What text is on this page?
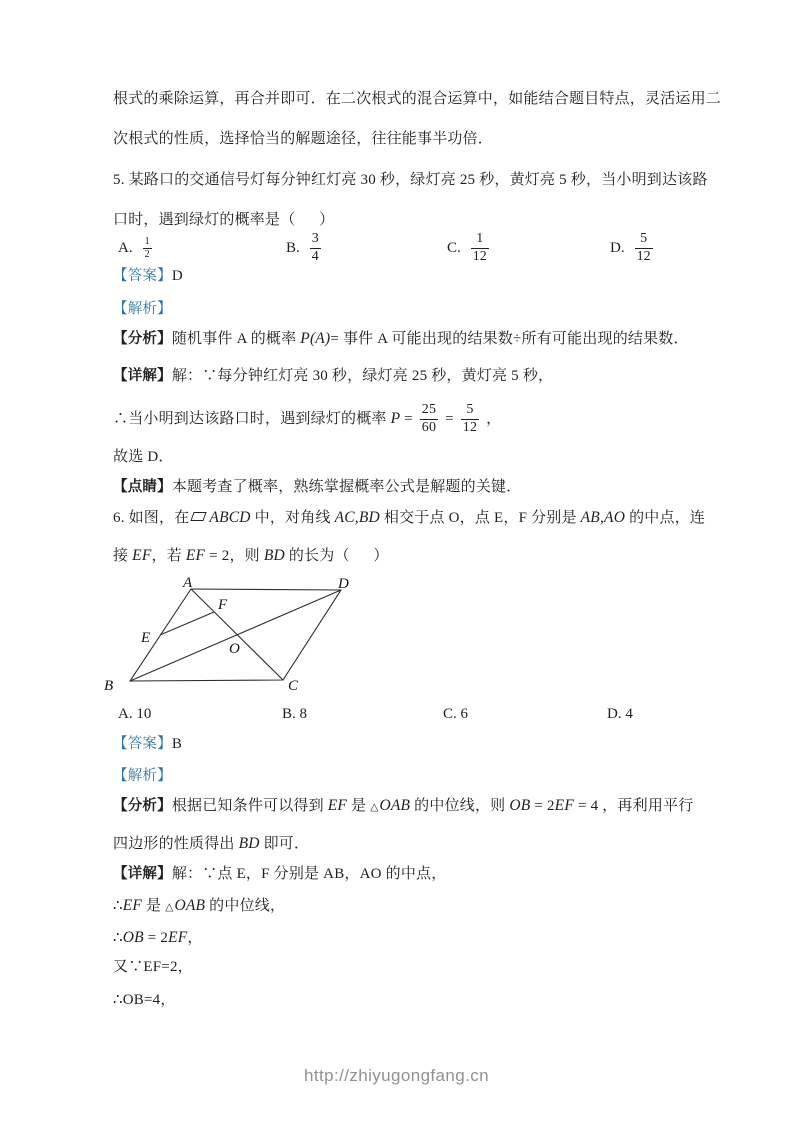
根式的乘除运算，再合并即可．在二次根式的混合运算中，如能结合题目特点，灵活运用二
次根式的性质，选择恰当的解题途径，往往能事半功倍．
5. 某路口的交通信号灯每分钟红灯亮 30 秒，绿灯亮 25 秒，黄灯亮 5 秒，当小明到达该路
口时，遇到绿灯的概率是（      ）
A. $\frac{1}{2}$	B. $\frac{3}{4}$	C. $\frac{1}{12}$	D. $\frac{5}{12}$
【答案】D
【解析】
【分析】随机事件 A 的概率 P(A)= 事件 A 可能出现的结果数÷所有可能出现的结果数．
【详解】解：∵每分钟红灯亮 30 秒，绿灯亮 25 秒，黄灯亮 5 秒，
∴当小明到达该路口时，遇到绿灯的概率 $P = \frac{25}{60} = \frac{5}{12}$ ，
故选 D．
【点睛】本题考查了概率，熟练掌握概率公式是解题的关键．
6. 如图，在 ABCD 中，对角线 AC,BD 相交于点 O，点 E，F 分别是 AB,AO 的中点，连
接 EF，若 EF = 2，则 BD 的长为（      ）
A	D
B	C
E
F
O
A. 10	B. 8	C. 6	D. 4
【答案】B
【解析】
【分析】根据已知条件可以得到 EF 是 △OAB 的中位线，则 OB = 2EF = 4 ，再利用平行
四边形的性质得出 BD 即可．
【详解】解：∵点 E，F 分别是 AB，AO 的中点，
∴EF 是 △OAB 的中位线，
∴OB = 2EF，
又∵EF=2，
∴OB=4，
http://zhiyugongfang.cn
